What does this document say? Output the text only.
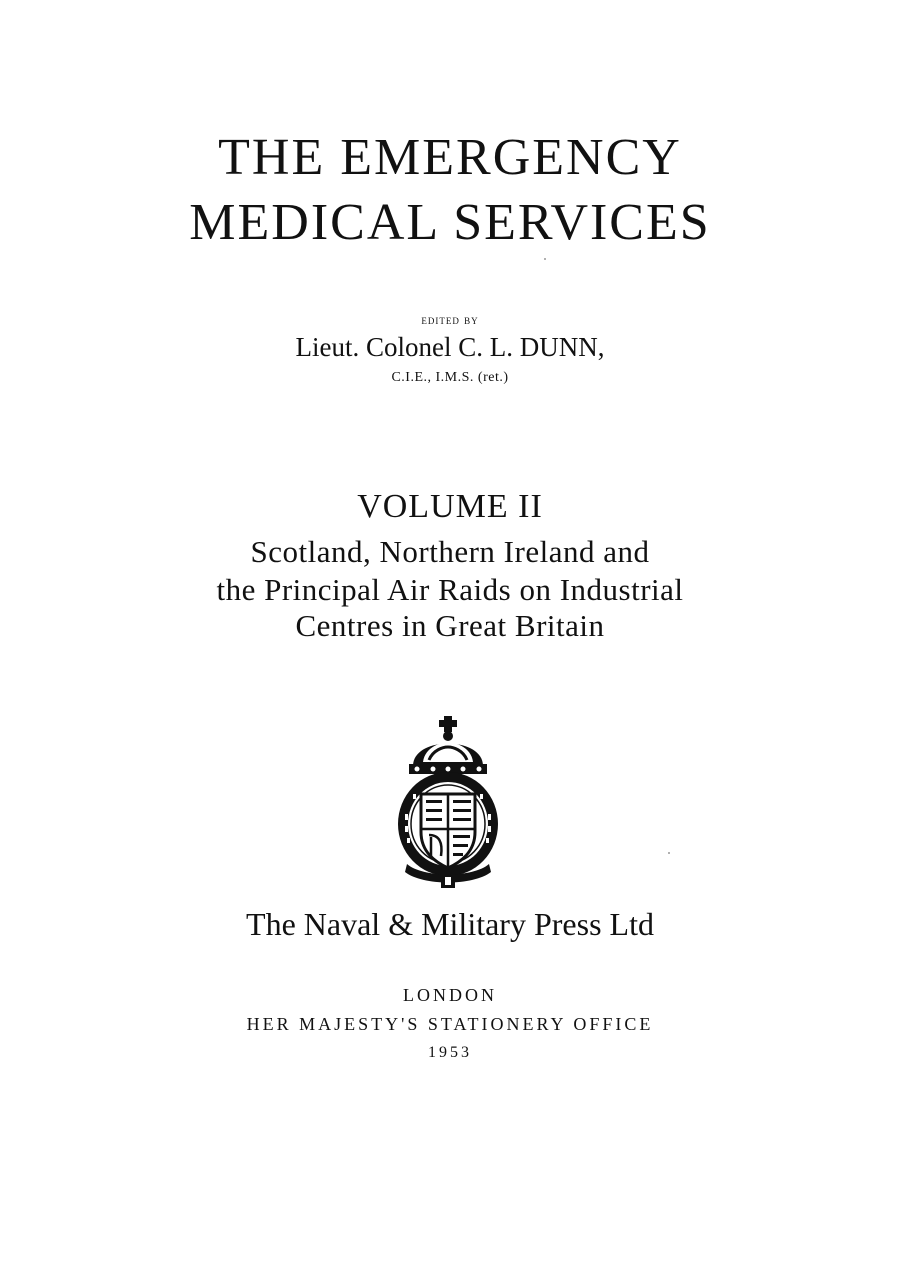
THE EMERGENCY
MEDICAL SERVICES

edited by

Lieut. Colonel C. L. DUNN,

C.I.E., I.M.S. (ret.)

VOLUME II

Scotland, Northern Ireland and

the Principal Air Raids on Industrial

Centres in Great Britain

The Naval & Military Press Ltd

LONDON

HER MAJESTY'S STATIONERY OFFICE

1953
